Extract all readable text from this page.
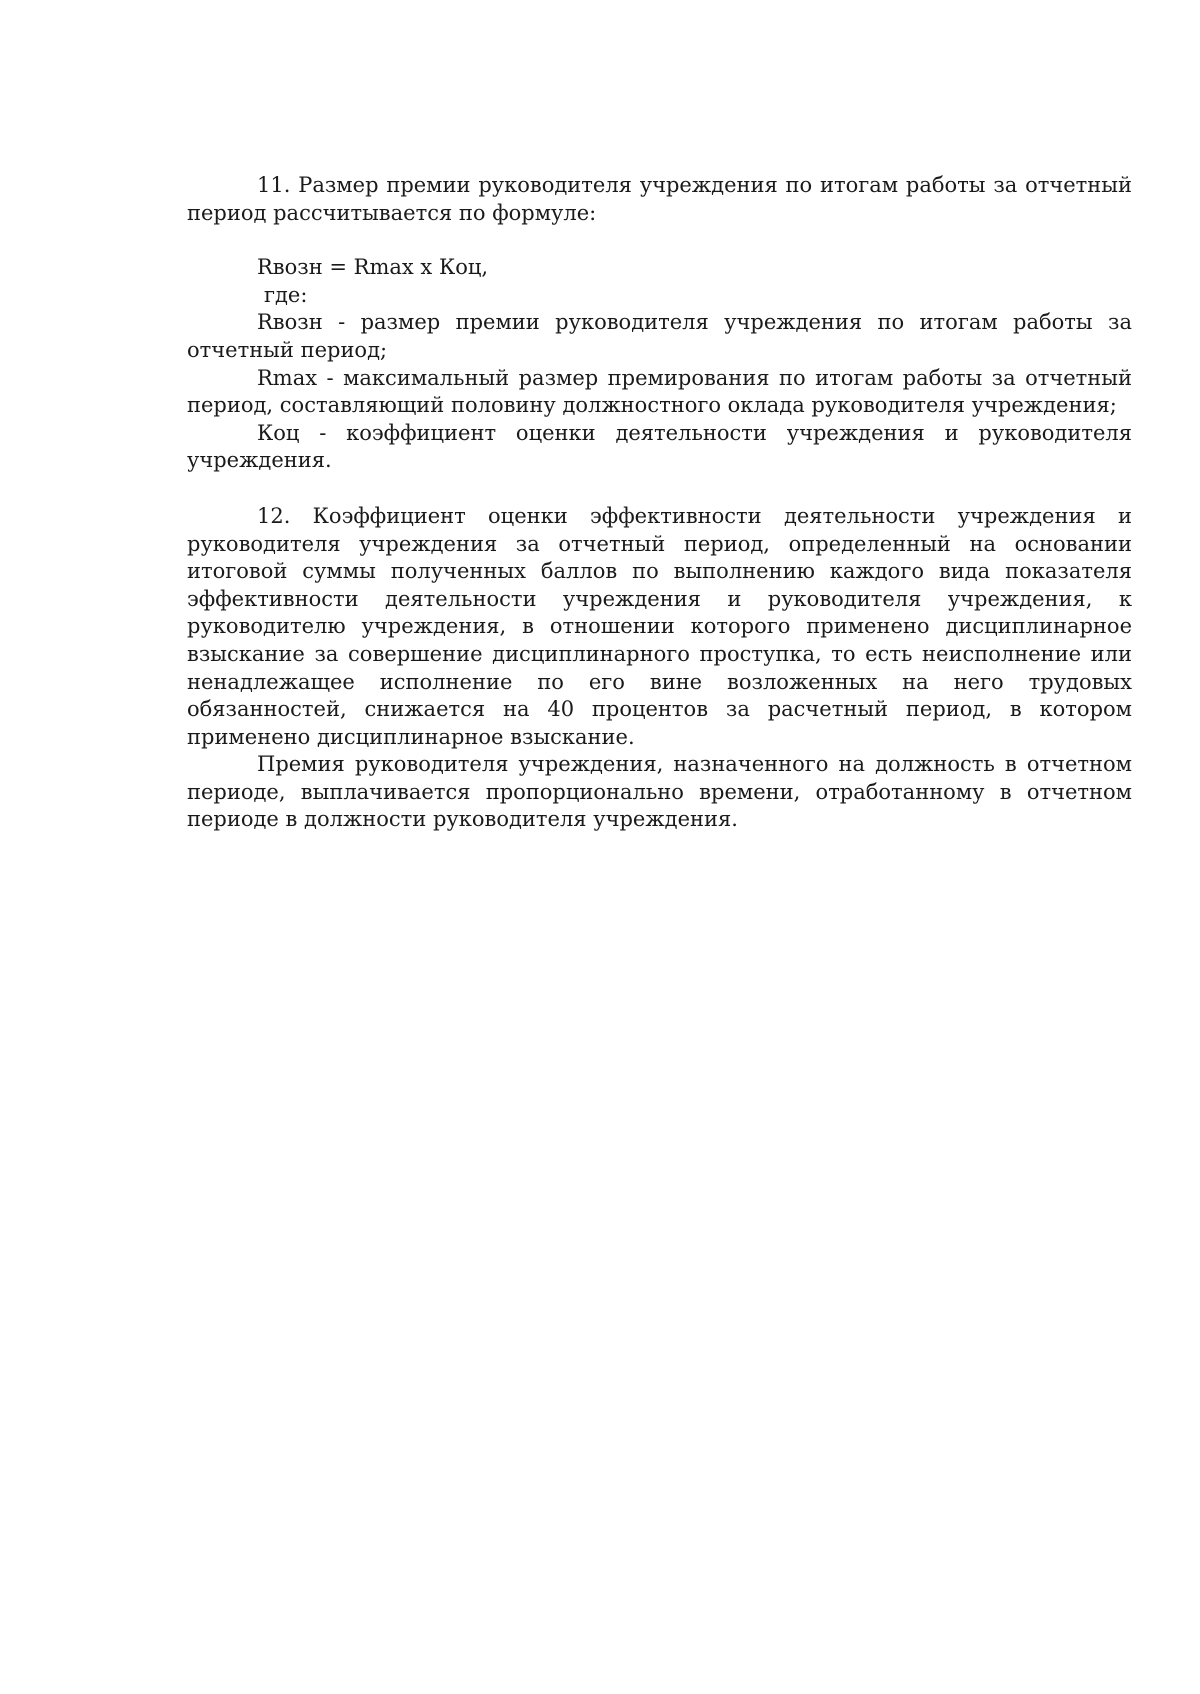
11. Размер премии руководителя учреждения по итогам работы за отчетный период рассчитывается по формуле:

Rвозн = Rmax x Коц,

где:

Rвозн - размер премии руководителя учреждения по итогам работы за отчетный период;

Rmax - максимальный размер премирования по итогам работы за отчетный период, составляющий половину должностного оклада руководителя учреждения;

Коц - коэффициент оценки деятельности учреждения и руководителя учреждения.

12. Коэффициент оценки эффективности деятельности учреждения и руководителя учреждения за отчетный период, определенный на основании итоговой суммы полученных баллов по выполнению каждого вида показателя эффективности деятельности учреждения и руководителя учреждения, к руководителю учреждения, в отношении которого применено дисциплинарное взыскание за совершение дисциплинарного проступка, то есть неисполнение или ненадлежащее исполнение по его вине возложенных на него трудовых обязанностей, снижается на 40 процентов за расчетный период, в котором применено дисциплинарное взыскание.

Премия руководителя учреждения, назначенного на должность в отчетном периоде, выплачивается пропорционально времени, отработанному в отчетном периоде в должности руководителя учреждения.
